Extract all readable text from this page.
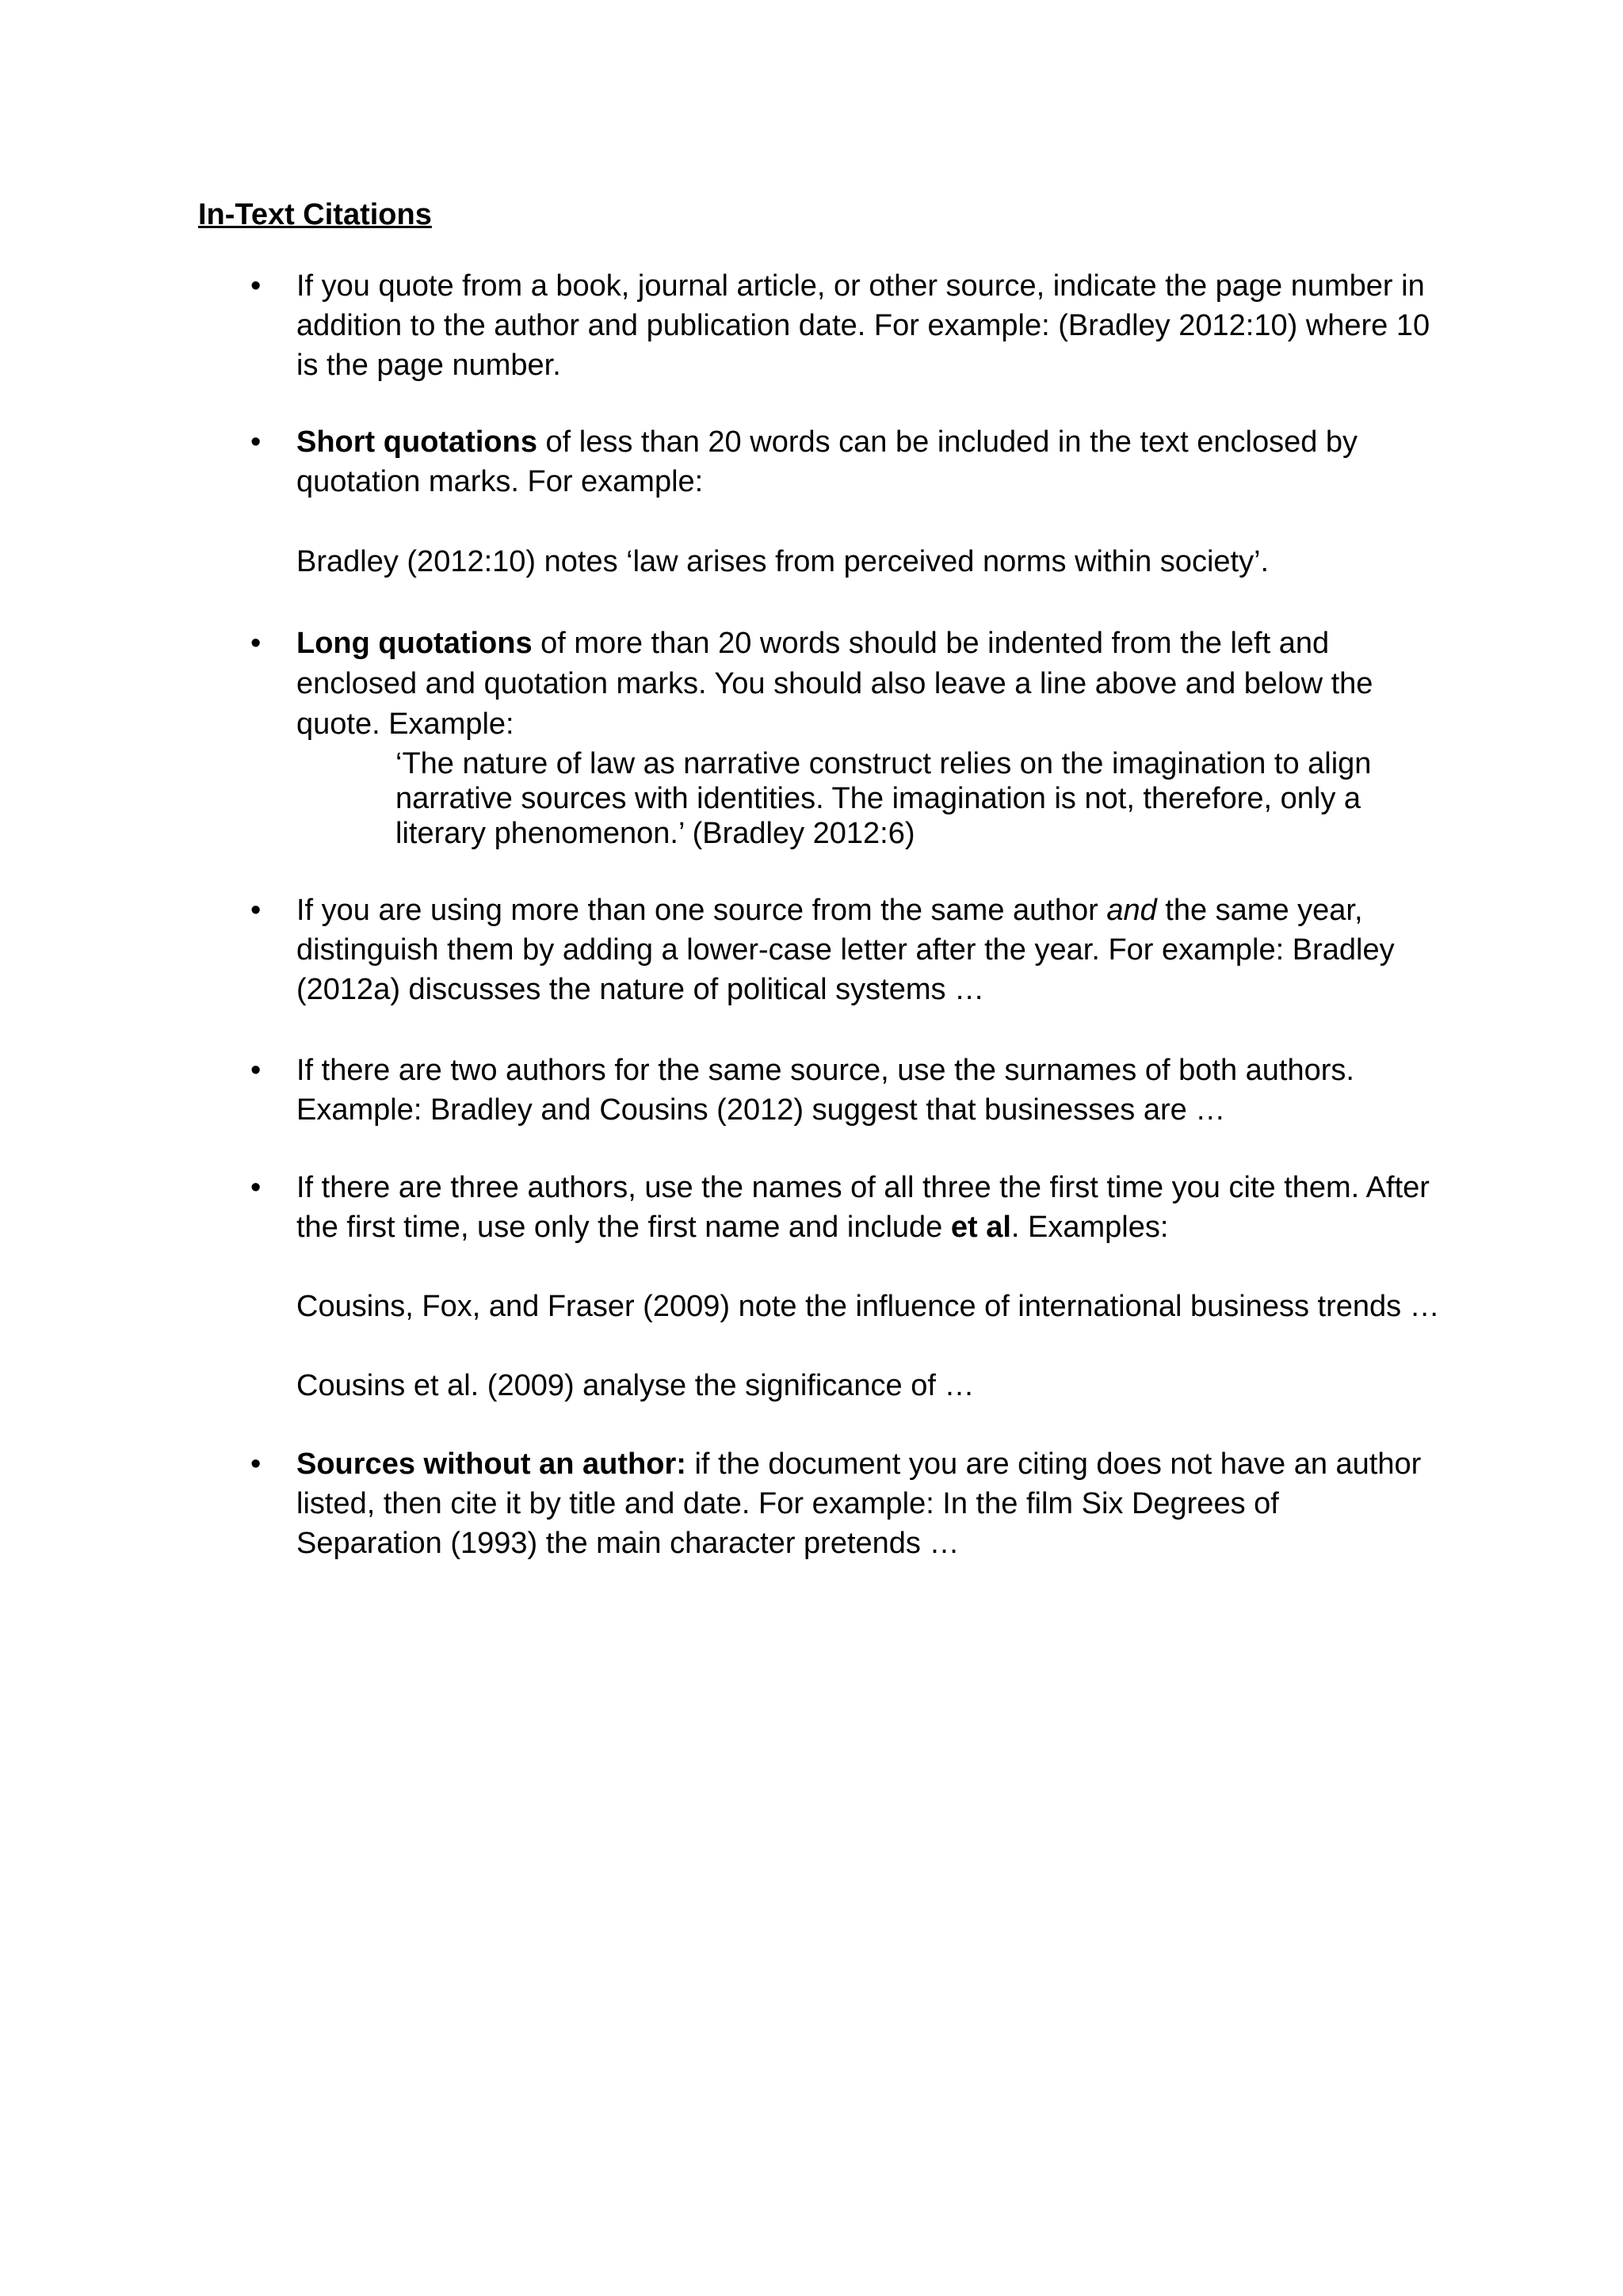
In-Text Citations
• If you quote from a book, journal article, or other source, indicate the page number in
addition to the author and publication date. For example: (Bradley 2012:10) where 10
is the page number.
• Short quotations of less than 20 words can be included in the text enclosed by
quotation marks. For example:
Bradley (2012:10) notes ‘law arises from perceived norms within society’.
• Long quotations of more than 20 words should be indented from the left and
enclosed and quotation marks. You should also leave a line above and below the
quote. Example:
‘The nature of law as narrative construct relies on the imagination to align
narrative sources with identities. The imagination is not, therefore, only a
literary phenomenon.’ (Bradley 2012:6)
• If you are using more than one source from the same author and the same year,
distinguish them by adding a lower-case letter after the year. For example: Bradley
(2012a) discusses the nature of political systems …
• If there are two authors for the same source, use the surnames of both authors.
Example: Bradley and Cousins (2012) suggest that businesses are …
• If there are three authors, use the names of all three the first time you cite them. After
the first time, use only the first name and include et al. Examples:
Cousins, Fox, and Fraser (2009) note the influence of international business trends …
Cousins et al. (2009) analyse the significance of …
• Sources without an author: if the document you are citing does not have an author
listed, then cite it by title and date. For example: In the film Six Degrees of
Separation (1993) the main character pretends …
